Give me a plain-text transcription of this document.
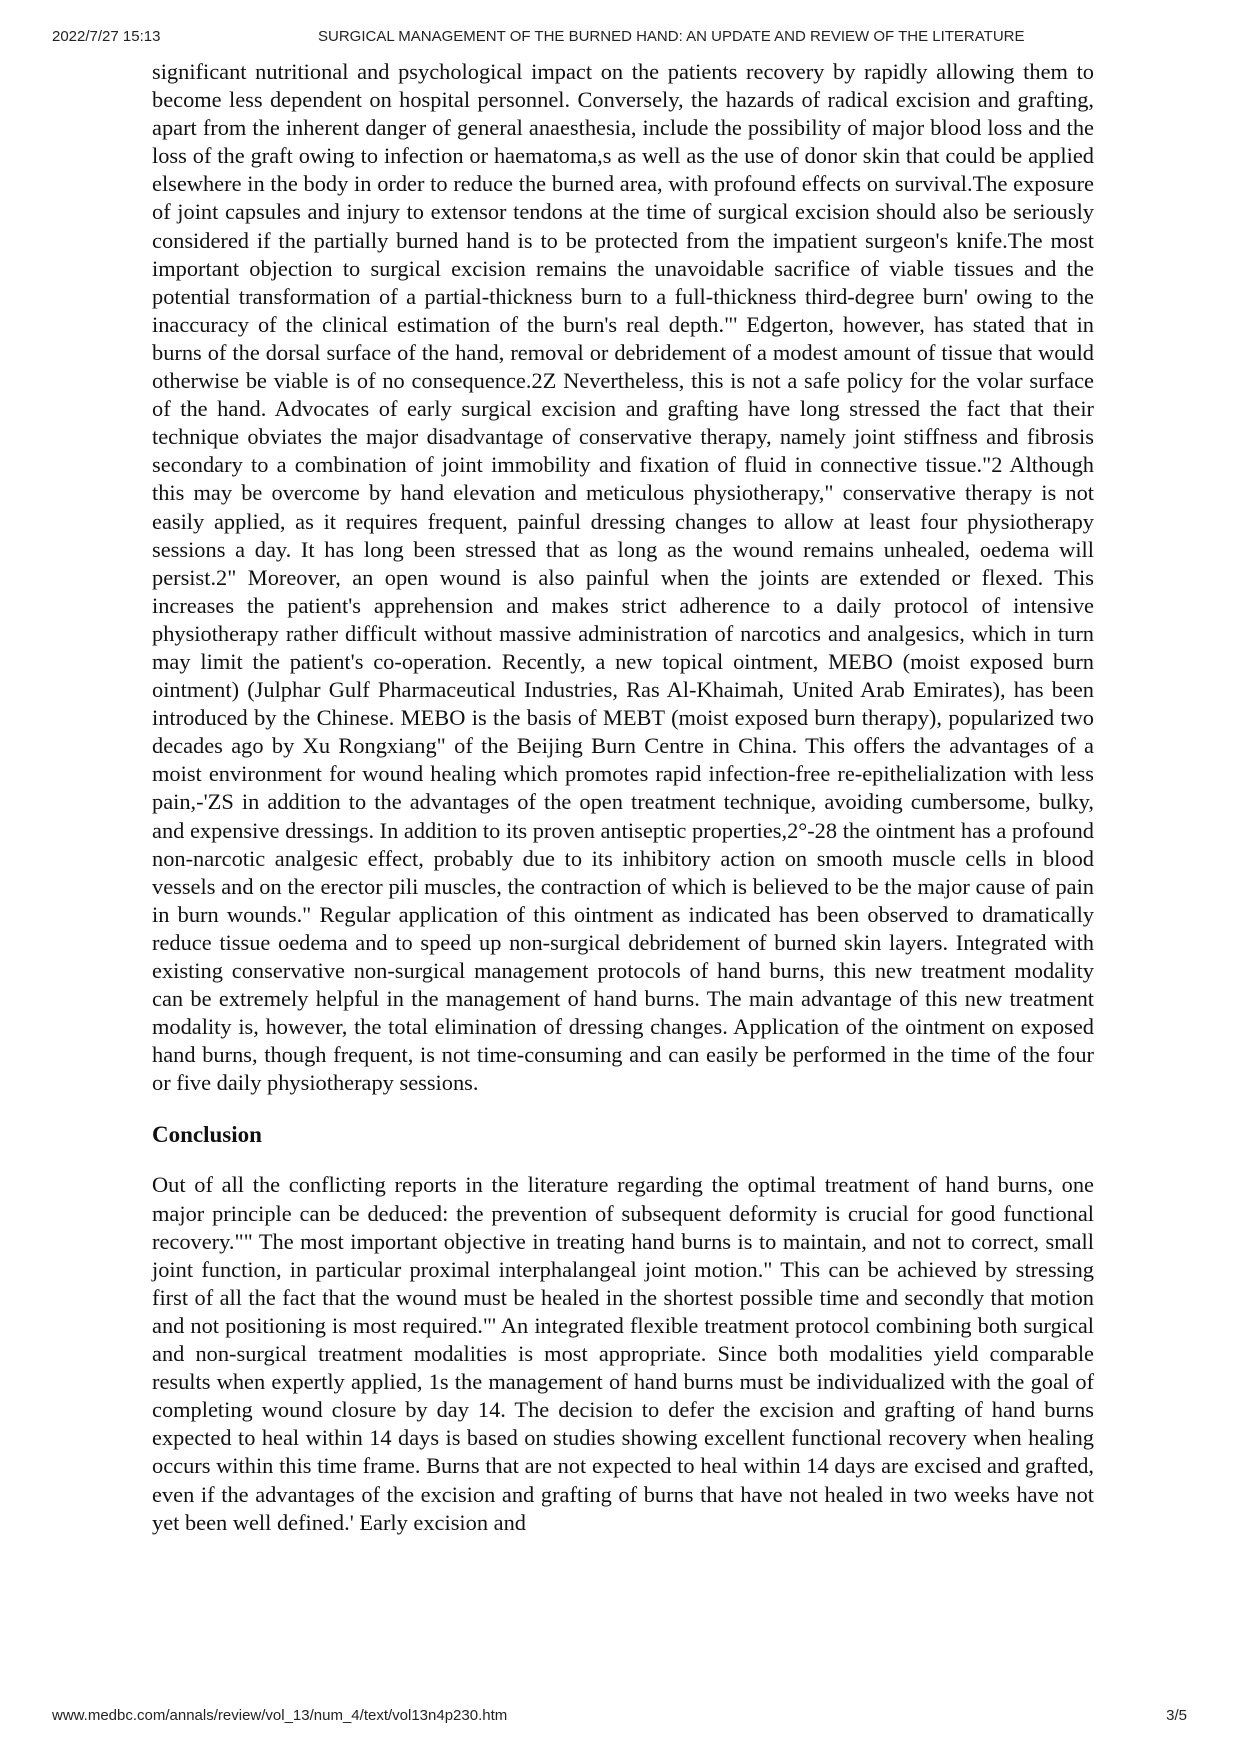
2022/7/27 15:13	SURGICAL MANAGEMENT OF THE BURNED HAND: AN UPDATE AND REVIEW OF THE LITERATURE

significant nutritional and psychological impact on the patients recovery by rapidly allowing them to become less dependent on hospital personnel. Conversely, the hazards of radical excision and grafting, apart from the inherent danger of general anaesthesia, include the possibility of major blood loss and the loss of the graft owing to infection or haematoma,s as well as the use of donor skin that could be applied elsewhere in the body in order to reduce the burned area, with profound effects on survival.The exposure of joint capsules and injury to extensor tendons at the time of surgical excision should also be seriously considered if the partially burned hand is to be protected from the impatient surgeon's knife.The most important objection to surgical excision remains the unavoidable sacrifice of viable tissues and the potential transformation of a partial-thickness burn to a full-thickness third-degree burn' owing to the inaccuracy of the clinical estimation of the burn's real depth."' Edgerton, however, has stated that in burns of the dorsal surface of the hand, removal or debridement of a modest amount of tissue that would otherwise be viable is of no consequence.2Z Nevertheless, this is not a safe policy for the volar surface of the hand. Advocates of early surgical excision and grafting have long stressed the fact that their technique obviates the major disadvantage of conservative therapy, namely joint stiffness and fibrosis secondary to a combination of joint immobility and fixation of fluid in connective tissue."2 Although this may be overcome by hand elevation and meticulous physiotherapy," conservative therapy is not easily applied, as it requires frequent, painful dressing changes to allow at least four physiotherapy sessions a day. It has long been stressed that as long as the wound remains unhealed, oedema will persist.2" Moreover, an open wound is also painful when the joints are extended or flexed. This increases the patient's apprehension and makes strict adherence to a daily protocol of intensive physiotherapy rather difficult without massive administration of narcotics and analgesics, which in turn may limit the patient's co-operation. Recently, a new topical ointment, MEBO (moist exposed burn ointment) (Julphar Gulf Pharmaceutical Industries, Ras Al-Khaimah, United Arab Emirates), has been introduced by the Chinese. MEBO is the basis of MEBT (moist exposed burn therapy), popularized two decades ago by Xu Rongxiang" of the Beijing Burn Centre in China. This offers the advantages of a moist environment for wound healing which promotes rapid infection-free re-epithelialization with less pain,-'ZS in addition to the advantages of the open treatment technique, avoiding cumbersome, bulky, and expensive dressings. In addition to its proven antiseptic properties,2°-28 the ointment has a profound non-narcotic analgesic effect, probably due to its inhibitory action on smooth muscle cells in blood vessels and on the erector pili muscles, the contraction of which is believed to be the major cause of pain in burn wounds." Regular application of this ointment as indicated has been observed to dramatically reduce tissue oedema and to speed up non-surgical debridement of burned skin layers. Integrated with existing conservative non-surgical management protocols of hand burns, this new treatment modality can be extremely helpful in the management of hand burns. The main advantage of this new treatment modality is, however, the total elimination of dressing changes. Application of the ointment on exposed hand burns, though frequent, is not time-consuming and can easily be performed in the time of the four or five daily physiotherapy sessions.

Conclusion

Out of all the conflicting reports in the literature regarding the optimal treatment of hand burns, one major principle can be deduced: the prevention of subsequent deformity is crucial for good functional recovery."" The most important objective in treating hand burns is to maintain, and not to correct, small joint function, in particular proximal interphalangeal joint motion." This can be achieved by stressing first of all the fact that the wound must be healed in the shortest possible time and secondly that motion and not positioning is most required."' An integrated flexible treatment protocol combining both surgical and non-surgical treatment modalities is most appropriate. Since both modalities yield comparable results when expertly applied, 1s the management of hand burns must be individualized with the goal of completing wound closure by day 14. The decision to defer the excision and grafting of hand burns expected to heal within 14 days is based on studies showing excellent functional recovery when healing occurs within this time frame. Burns that are not expected to heal within 14 days are excised and grafted, even if the advantages of the excision and grafting of burns that have not healed in two weeks have not yet been well defined.' Early excision and

www.medbc.com/annals/review/vol_13/num_4/text/vol13n4p230.htm	3/5
